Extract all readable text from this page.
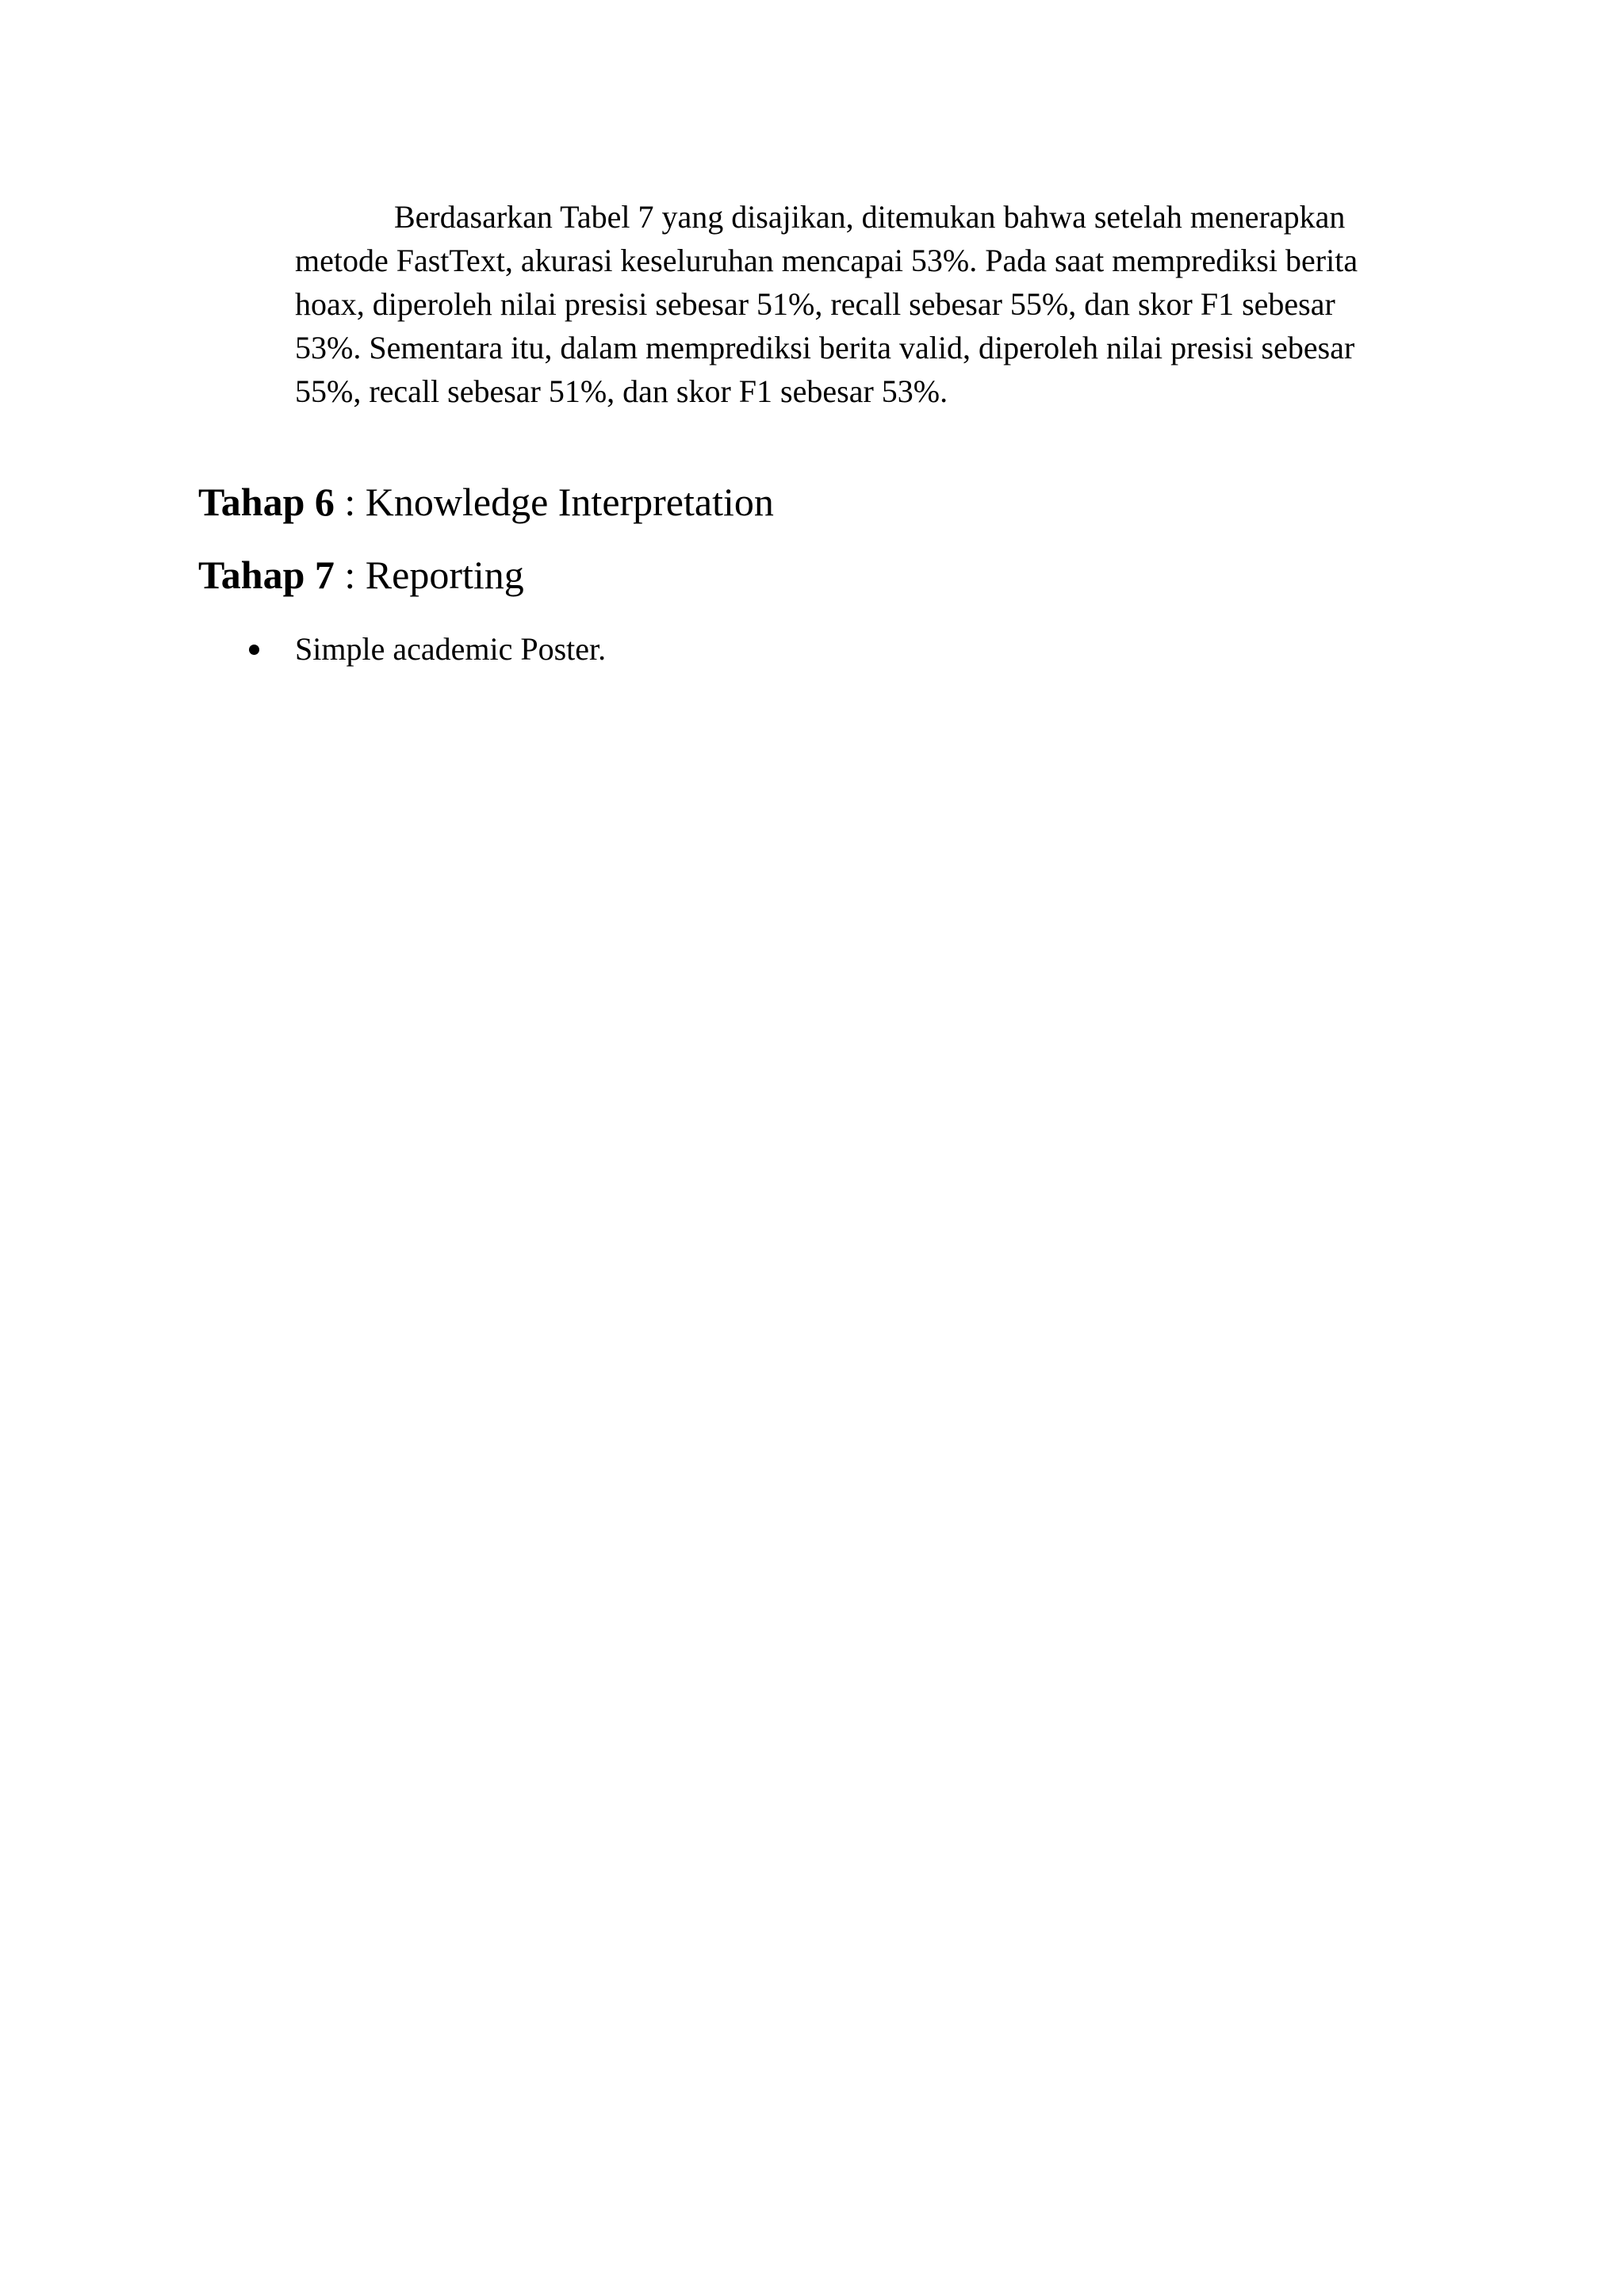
Berdasarkan Tabel 7 yang disajikan, ditemukan bahwa setelah menerapkan
metode FastText, akurasi keseluruhan mencapai 53%. Pada saat memprediksi berita
hoax, diperoleh nilai presisi sebesar 51%, recall sebesar 55%, dan skor F1 sebesar
53%. Sementara itu, dalam memprediksi berita valid, diperoleh nilai presisi sebesar
55%, recall sebesar 51%, dan skor F1 sebesar 53%.
Tahap 6 : Knowledge Interpretation
Tahap 7 : Reporting
Simple academic Poster.
